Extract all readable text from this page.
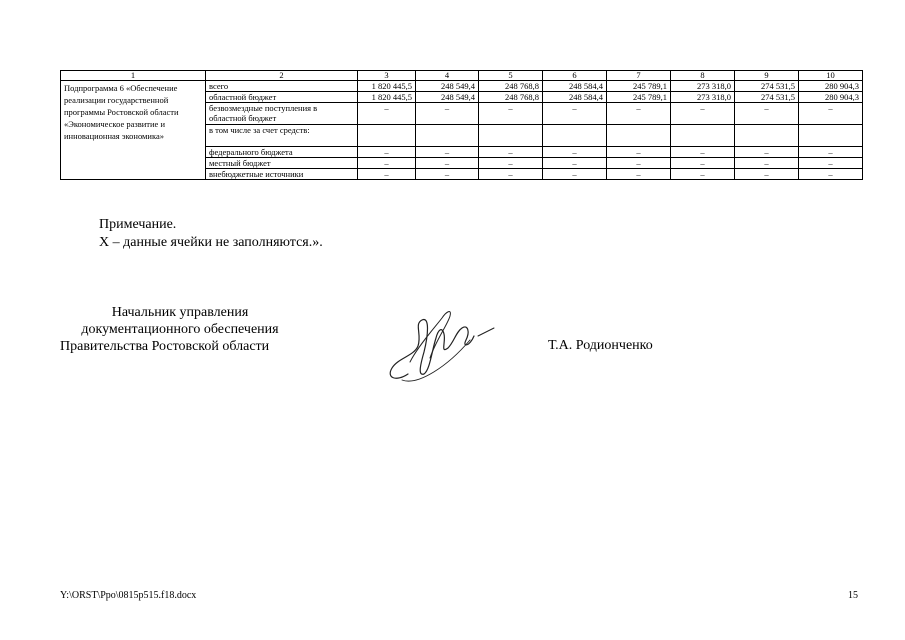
1	2	3	4	5	6	7	8	9	10
Подпрограмма 6 «Обеспечение реализации государственной программы Ростовской области «Экономическое развитие и инновационная экономика»	всего	1 820 445,5	248 549,4	248 768,8	248 584,4	245 789,1	273 318,0	274 531,5	280 904,3
	областной бюджет	1 820 445,5	248 549,4	248 768,8	248 584,4	245 789,1	273 318,0	274 531,5	280 904,3
	безвозмездные поступления в областной бюджет	–	–	–	–	–	–	–	–
	в том числе за счет средств:								
	федерального бюджета	–	–	–	–	–	–	–	–
	местный бюджет	–	–	–	–	–	–	–	–
	внебюджетные источники	–	–	–	–	–	–	–	–
Примечание.
Х – данные ячейки не заполняются.».
Начальник управления
документационного обеспечения
Правительства Ростовской области	Т.А. Родионченко
Y:\ORST\Ppo\0815p515.f18.docx	15
